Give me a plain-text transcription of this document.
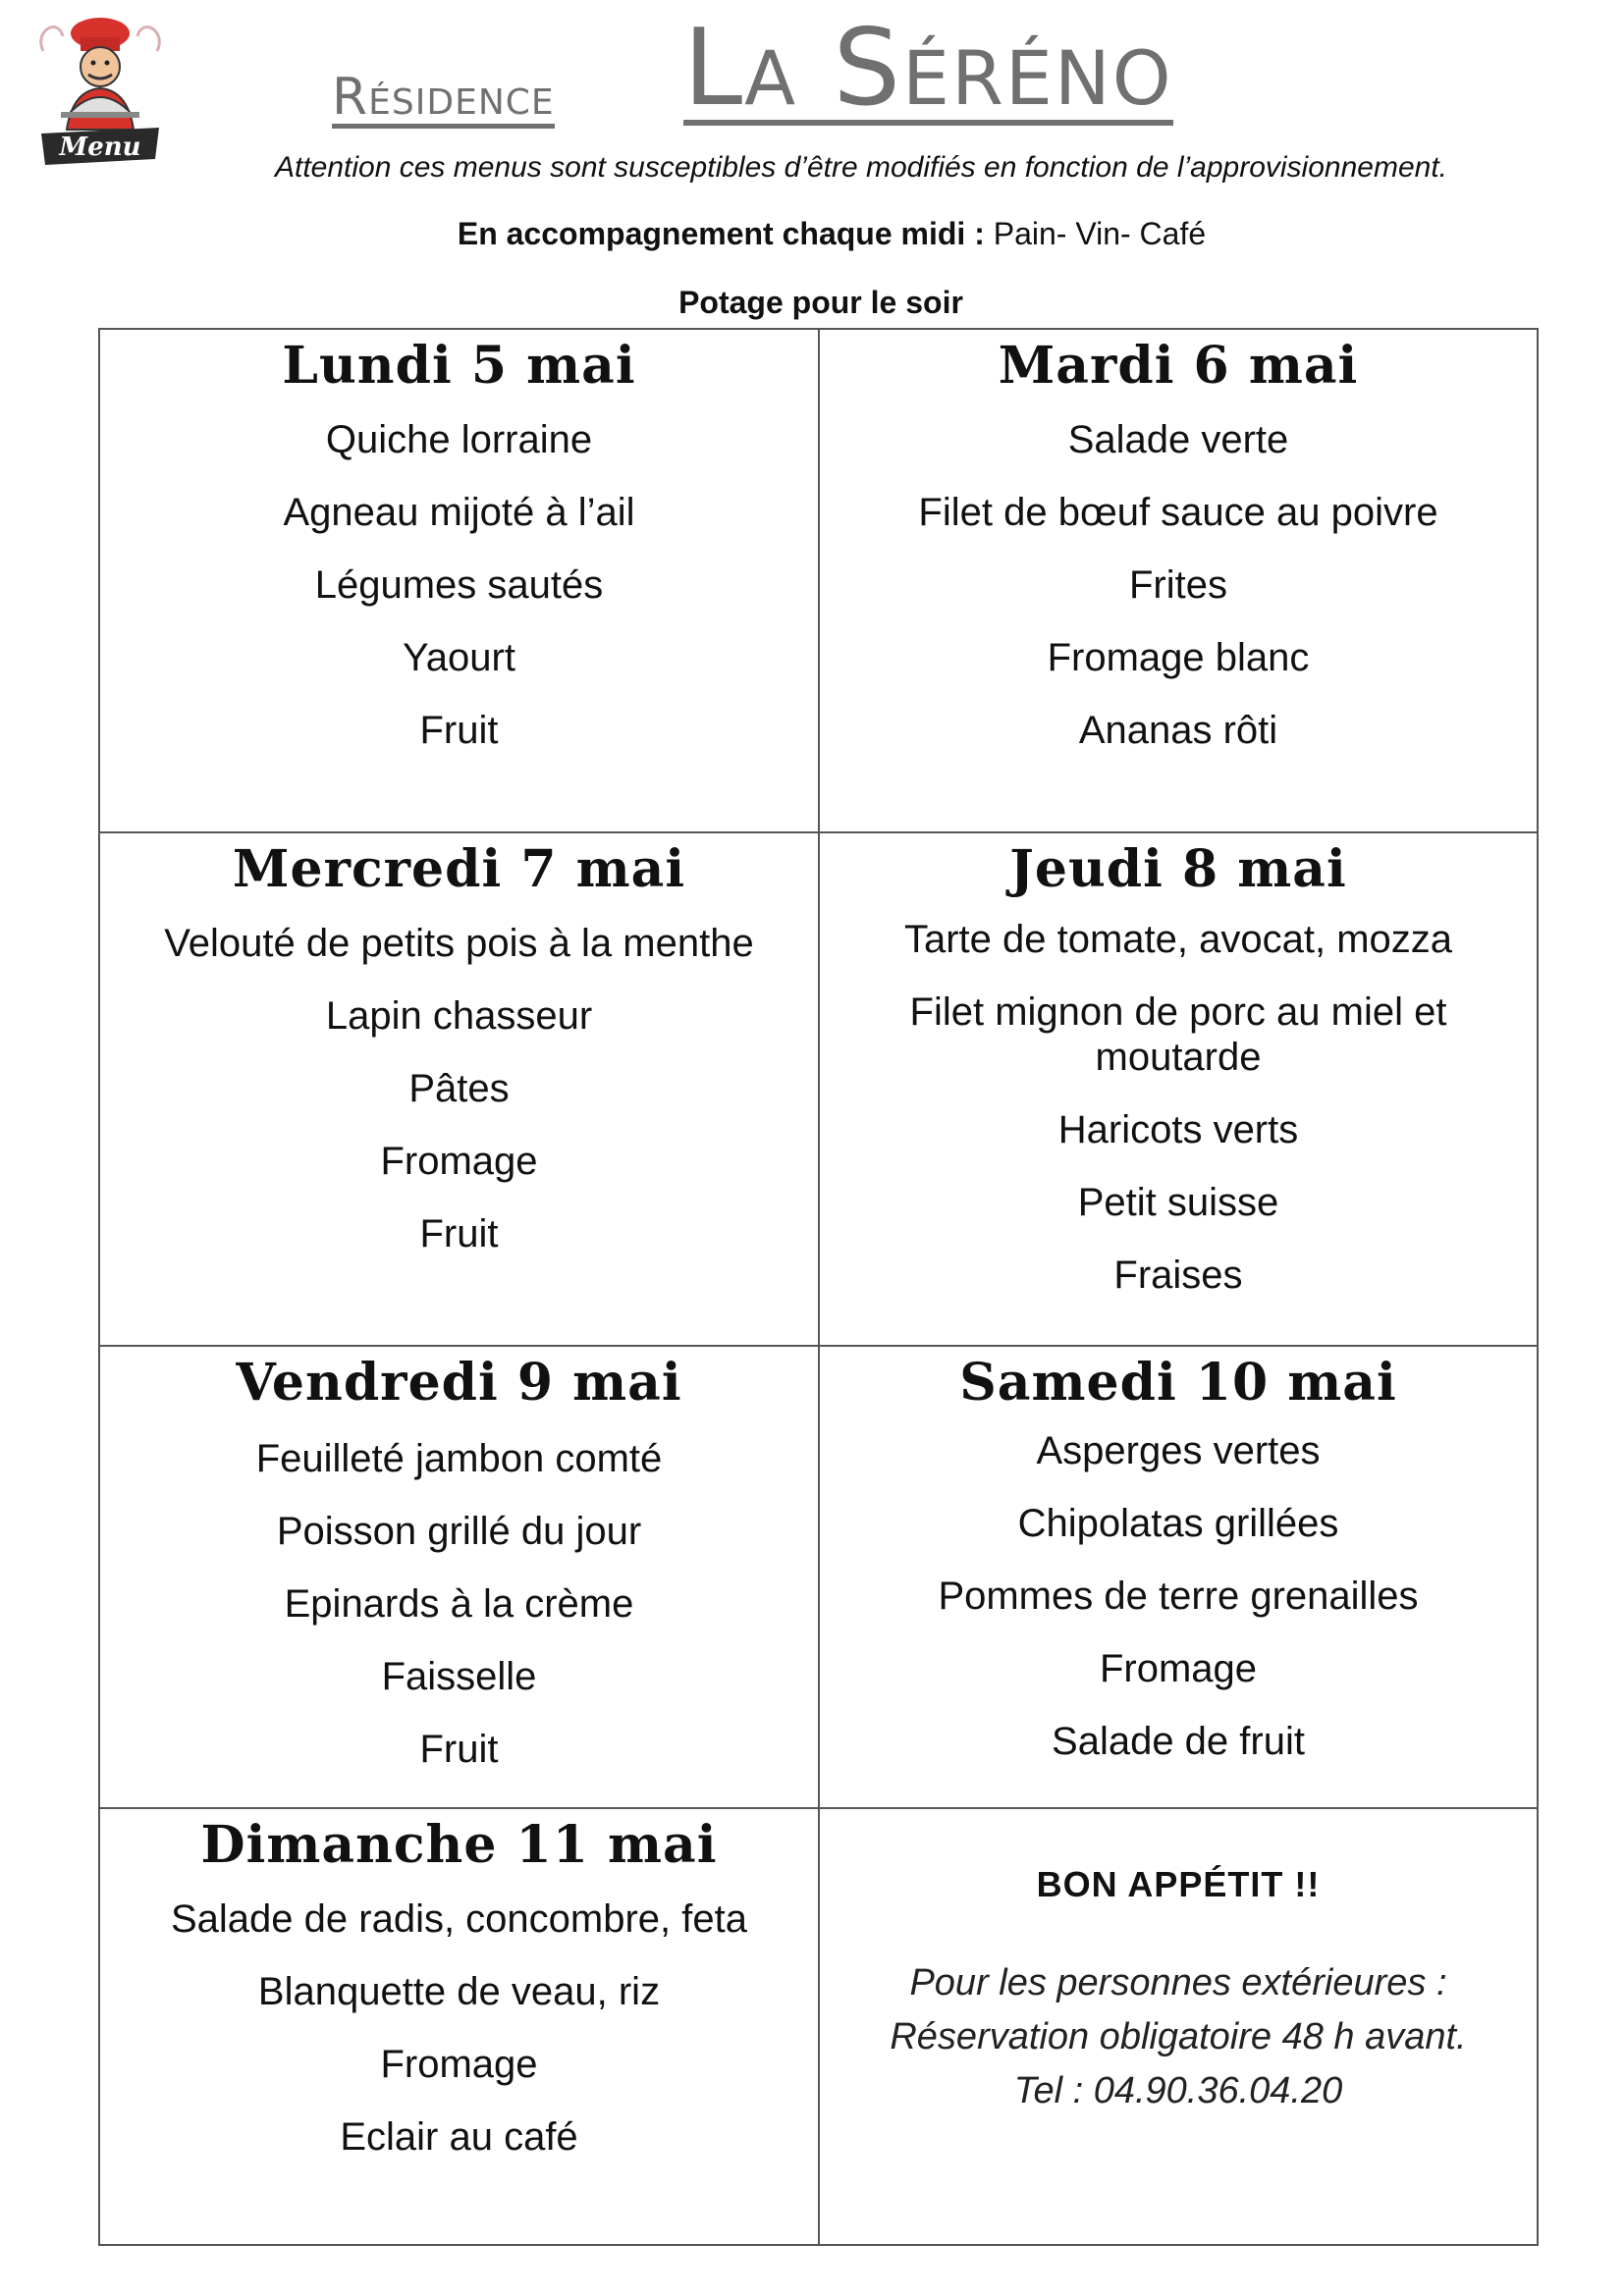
Menu
Résidence La Séréno
Attention ces menus sont susceptibles d’être modifiés en fonction de l’approvisionnement.
En accompagnement chaque midi : Pain- Vin- Café
Potage pour le soir
Lundi 5 mai
Quiche lorraine
Agneau mijoté à l’ail
Légumes sautés
Yaourt
Fruit
Mardi 6 mai
Salade verte
Filet de bœuf sauce au poivre
Frites
Fromage blanc
Ananas rôti
Mercredi 7 mai
Velouté de petits pois à la menthe
Lapin chasseur
Pâtes
Fromage
Fruit
Jeudi 8 mai
Tarte de tomate, avocat, mozza
Filet mignon de porc au miel et moutarde
Haricots verts
Petit suisse
Fraises
Vendredi 9 mai
Feuilleté jambon comté
Poisson grillé du jour
Epinards à la crème
Faisselle
Fruit
Samedi 10 mai
Asperges vertes
Chipolatas grillées
Pommes de terre grenailles
Fromage
Salade de fruit
Dimanche 11 mai
Salade de radis, concombre, feta
Blanquette de veau, riz
Fromage
Eclair au café
BON APPÉTIT !!
Pour les personnes extérieures :
Réservation obligatoire 48 h avant.
Tel : 04.90.36.04.20
